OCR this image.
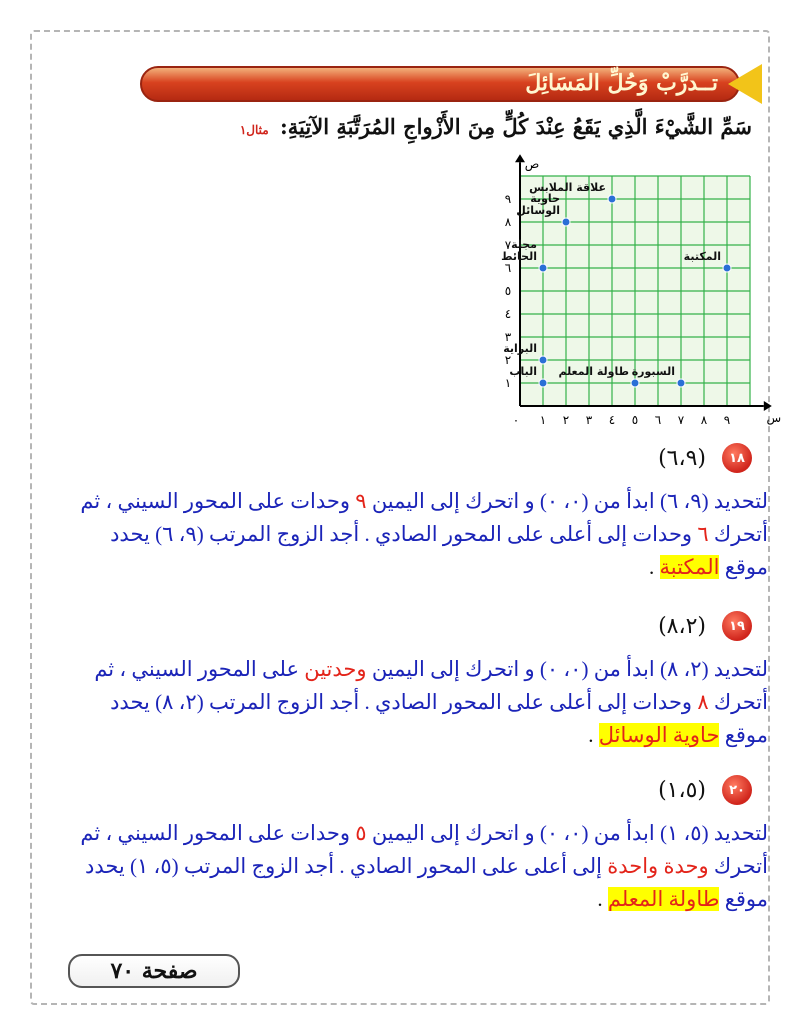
تــدرَّبْ وَحُلِّ المَسَائِلَ
سَمِّ الشَّيْءَ الَّذِي يَقَعُ عِنْدَ كُلٍّ مِنَ الأَزْواجِ المُرَتَّبَةِ الآتِيَةِ: مثال١
١ ٢ ٣ ٤ ٥ ٦ ٧ ٨ ٩
١
٢
٣
٤
٥
٦
٧
٨
٩
٠	س
ص
حاوية
الوسائل
علاقة الملابس
مجلة
الحائط	المكتبة
البراية
طاولة المعلم
الباب	السبورة
١٨
(٦،٩)
لتحديد (٩، ٦) ابدأ من (٠، ٠) و اتحرك إلى اليمين ٩ وحدات على المحور السيني ، ثم
أتحرك ٦ وحدات إلى أعلى على المحور الصادي . أجد الزوج المرتب (٩، ٦) يحدد
موقع المكتبة .
١٩
(٨،٢)
لتحديد (٢، ٨) ابدأ من (٠، ٠) و اتحرك إلى اليمين وحدتين على المحور السيني ، ثم
أتحرك ٨ وحدات إلى أعلى على المحور الصادي . أجد الزوج المرتب (٢، ٨) يحدد
موقع حاوية الوسائل .
٢٠
(١،٥)
لتحديد (٥، ١) ابدأ من (٠، ٠) و اتحرك إلى اليمين ٥ وحدات على المحور السيني ، ثم
أتحرك وحدة واحدة إلى أعلى على المحور الصادي . أجد الزوج المرتب (٥، ١) يحدد
موقع طاولة المعلم .
صفحة ٧٠
